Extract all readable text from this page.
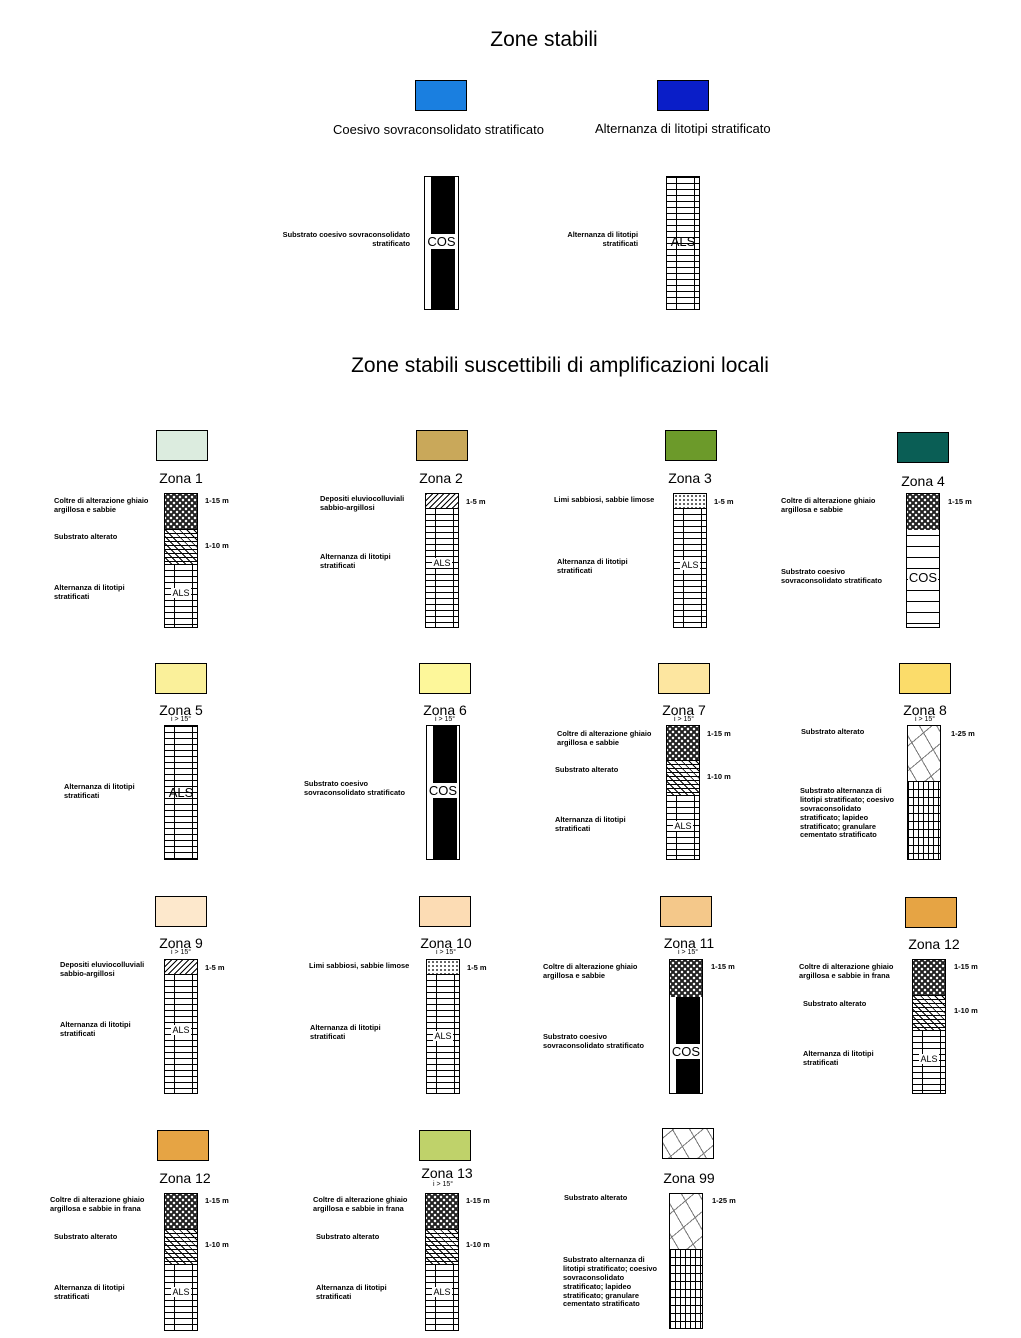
Zone stabili
Coesivo sovraconsolidato stratificato	Alternanza di litotipi stratificato
Substrato coesivo sovraconsolidato stratificato COS	Alternanza di litotipi stratificati	ALS
Zone stabili suscettibili di amplificazioni locali
Zona 1
Coltre di alterazione ghiaio argillosa e sabbie
Substrato alterato
Alternanza di litotipi stratificati	ALS
1-15 m
1-10 m
Zona 2
Depositi eluviocolluviali sabbio-argillosi
Alternanza di litotipi stratificati	ALS
1-5 m
Zona 3
Limi sabbiosi, sabbie limose
Alternanza di litotipi stratificati
ALS
1-5 m
Zona 4
Coltre di alterazione ghiaio argillosa e sabbie
Substrato coesivo sovraconsolidato stratificato	COS
1-15 m
Zona 5
i > 15°
Alternanza di litotipi stratificati	ALS
Zona 6
i > 15°
Substrato coesivo sovraconsolidato stratificato	COS
Zona 7
i > 15°
Coltre di alterazione ghiaio argillosa e sabbie
Substrato alterato
Alternanza di litotipi stratificati	ALS
1-15 m
1-10 m
Zona 8
i > 15°
Substrato alterato
Substrato alternanza di litotipi stratificato; coesivo sovraconsolidato stratificato; lapideo stratificato; granulare cementato stratificato
1-25 m
Zona 9
i > 15°
Depositi eluviocolluviali sabbio-argillosi
Alternanza di litotipi stratificati	ALS
1-5 m
Zona 10
i > 15°
Limi sabbiosi, sabbie limose
Alternanza di litotipi stratificati	ALS
1-5 m
Zona 11
i > 15°
Coltre di alterazione ghiaio argillosa e sabbie
Substrato coesivo sovraconsolidato stratificato	COS
1-15 m
Zona 12
Coltre di alterazione ghiaio argillosa e sabbie in frana
Substrato alterato
Alternanza di litotipi stratificati	ALS
1-15 m
1-10 m
Zona 12
Coltre di alterazione ghiaio argillosa e sabbie in frana
Substrato alterato
Alternanza di litotipi stratificati	ALS
1-15 m
1-10 m
Zona 13
i > 15°
Coltre di alterazione ghiaio argillosa e sabbie in frana
Substrato alterato
Alternanza di litotipi stratificati	ALS
1-15 m
1-10 m
Zona 99
Substrato alterato
Substrato alternanza di litotipi stratificato; coesivo sovraconsolidato stratificato; lapideo stratificato; granulare cementato stratificato
1-25 m
